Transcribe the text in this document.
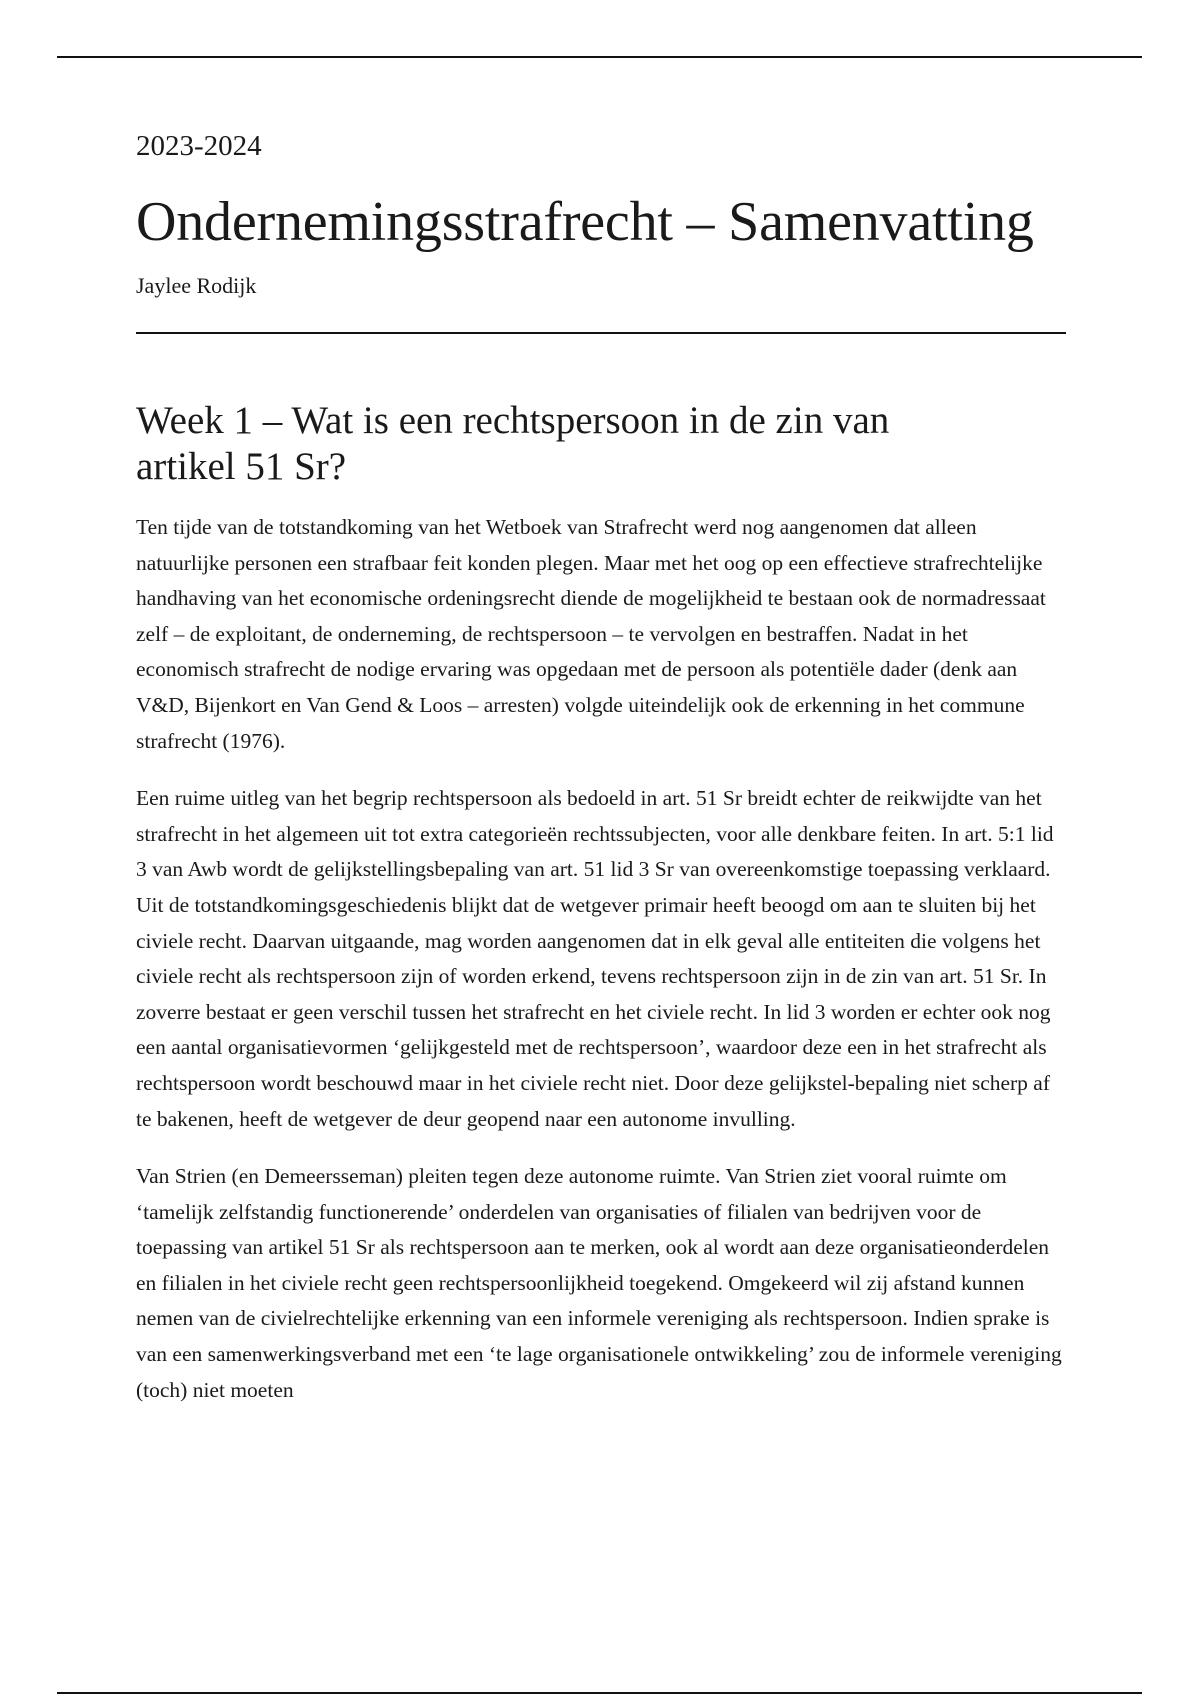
2023-2024
Ondernemingsstrafrecht – Samenvatting
Jaylee Rodijk
Week 1 – Wat is een rechtspersoon in de zin van artikel 51 Sr?

Ten tijde van de totstandkoming van het Wetboek van Strafrecht werd nog aangenomen dat alleen natuurlijke personen een strafbaar feit konden plegen. Maar met het oog op een effectieve strafrechtelijke handhaving van het economische ordeningsrecht diende de mogelijkheid te bestaan ook de normadressaat zelf – de exploitant, de onderneming, de rechtspersoon – te vervolgen en bestraffen. Nadat in het economisch strafrecht de nodige ervaring was opgedaan met de persoon als potentiële dader (denk aan V&D, Bijenkort en Van Gend & Loos – arresten) volgde uiteindelijk ook de erkenning in het commune strafrecht (1976).

Een ruime uitleg van het begrip rechtspersoon als bedoeld in art. 51 Sr breidt echter de reikwijdte van het strafrecht in het algemeen uit tot extra categorieën rechtssubjecten, voor alle denkbare feiten. In art. 5:1 lid 3 van Awb wordt de gelijkstellingsbepaling van art. 51 lid 3 Sr van overeenkomstige toepassing verklaard. Uit de totstandkomingsgeschiedenis blijkt dat de wetgever primair heeft beoogd om aan te sluiten bij het civiele recht. Daarvan uitgaande, mag worden aangenomen dat in elk geval alle entiteiten die volgens het civiele recht als rechtspersoon zijn of worden erkend, tevens rechtspersoon zijn in de zin van art. 51 Sr. In zoverre bestaat er geen verschil tussen het strafrecht en het civiele recht. In lid 3 worden er echter ook nog een aantal organisatievormen ‘gelijkgesteld met de rechtspersoon’, waardoor deze een in het strafrecht als rechtspersoon wordt beschouwd maar in het civiele recht niet. Door deze gelijkstel-bepaling niet scherp af te bakenen, heeft de wetgever de deur geopend naar een autonome invulling.

Van Strien (en Demeersseman) pleiten tegen deze autonome ruimte. Van Strien ziet vooral ruimte om ‘tamelijk zelfstandig functionerende’ onderdelen van organisaties of filialen van bedrijven voor de toepassing van artikel 51 Sr als rechtspersoon aan te merken, ook al wordt aan deze organisatieonderdelen en filialen in het civiele recht geen rechtspersoonlijkheid toegekend. Omgekeerd wil zij afstand kunnen nemen van de civielrechtelijke erkenning van een informele vereniging als rechtspersoon. Indien sprake is van een samenwerkingsverband met een ‘te lage organisationele ontwikkeling’ zou de informele vereniging (toch) niet moeten
